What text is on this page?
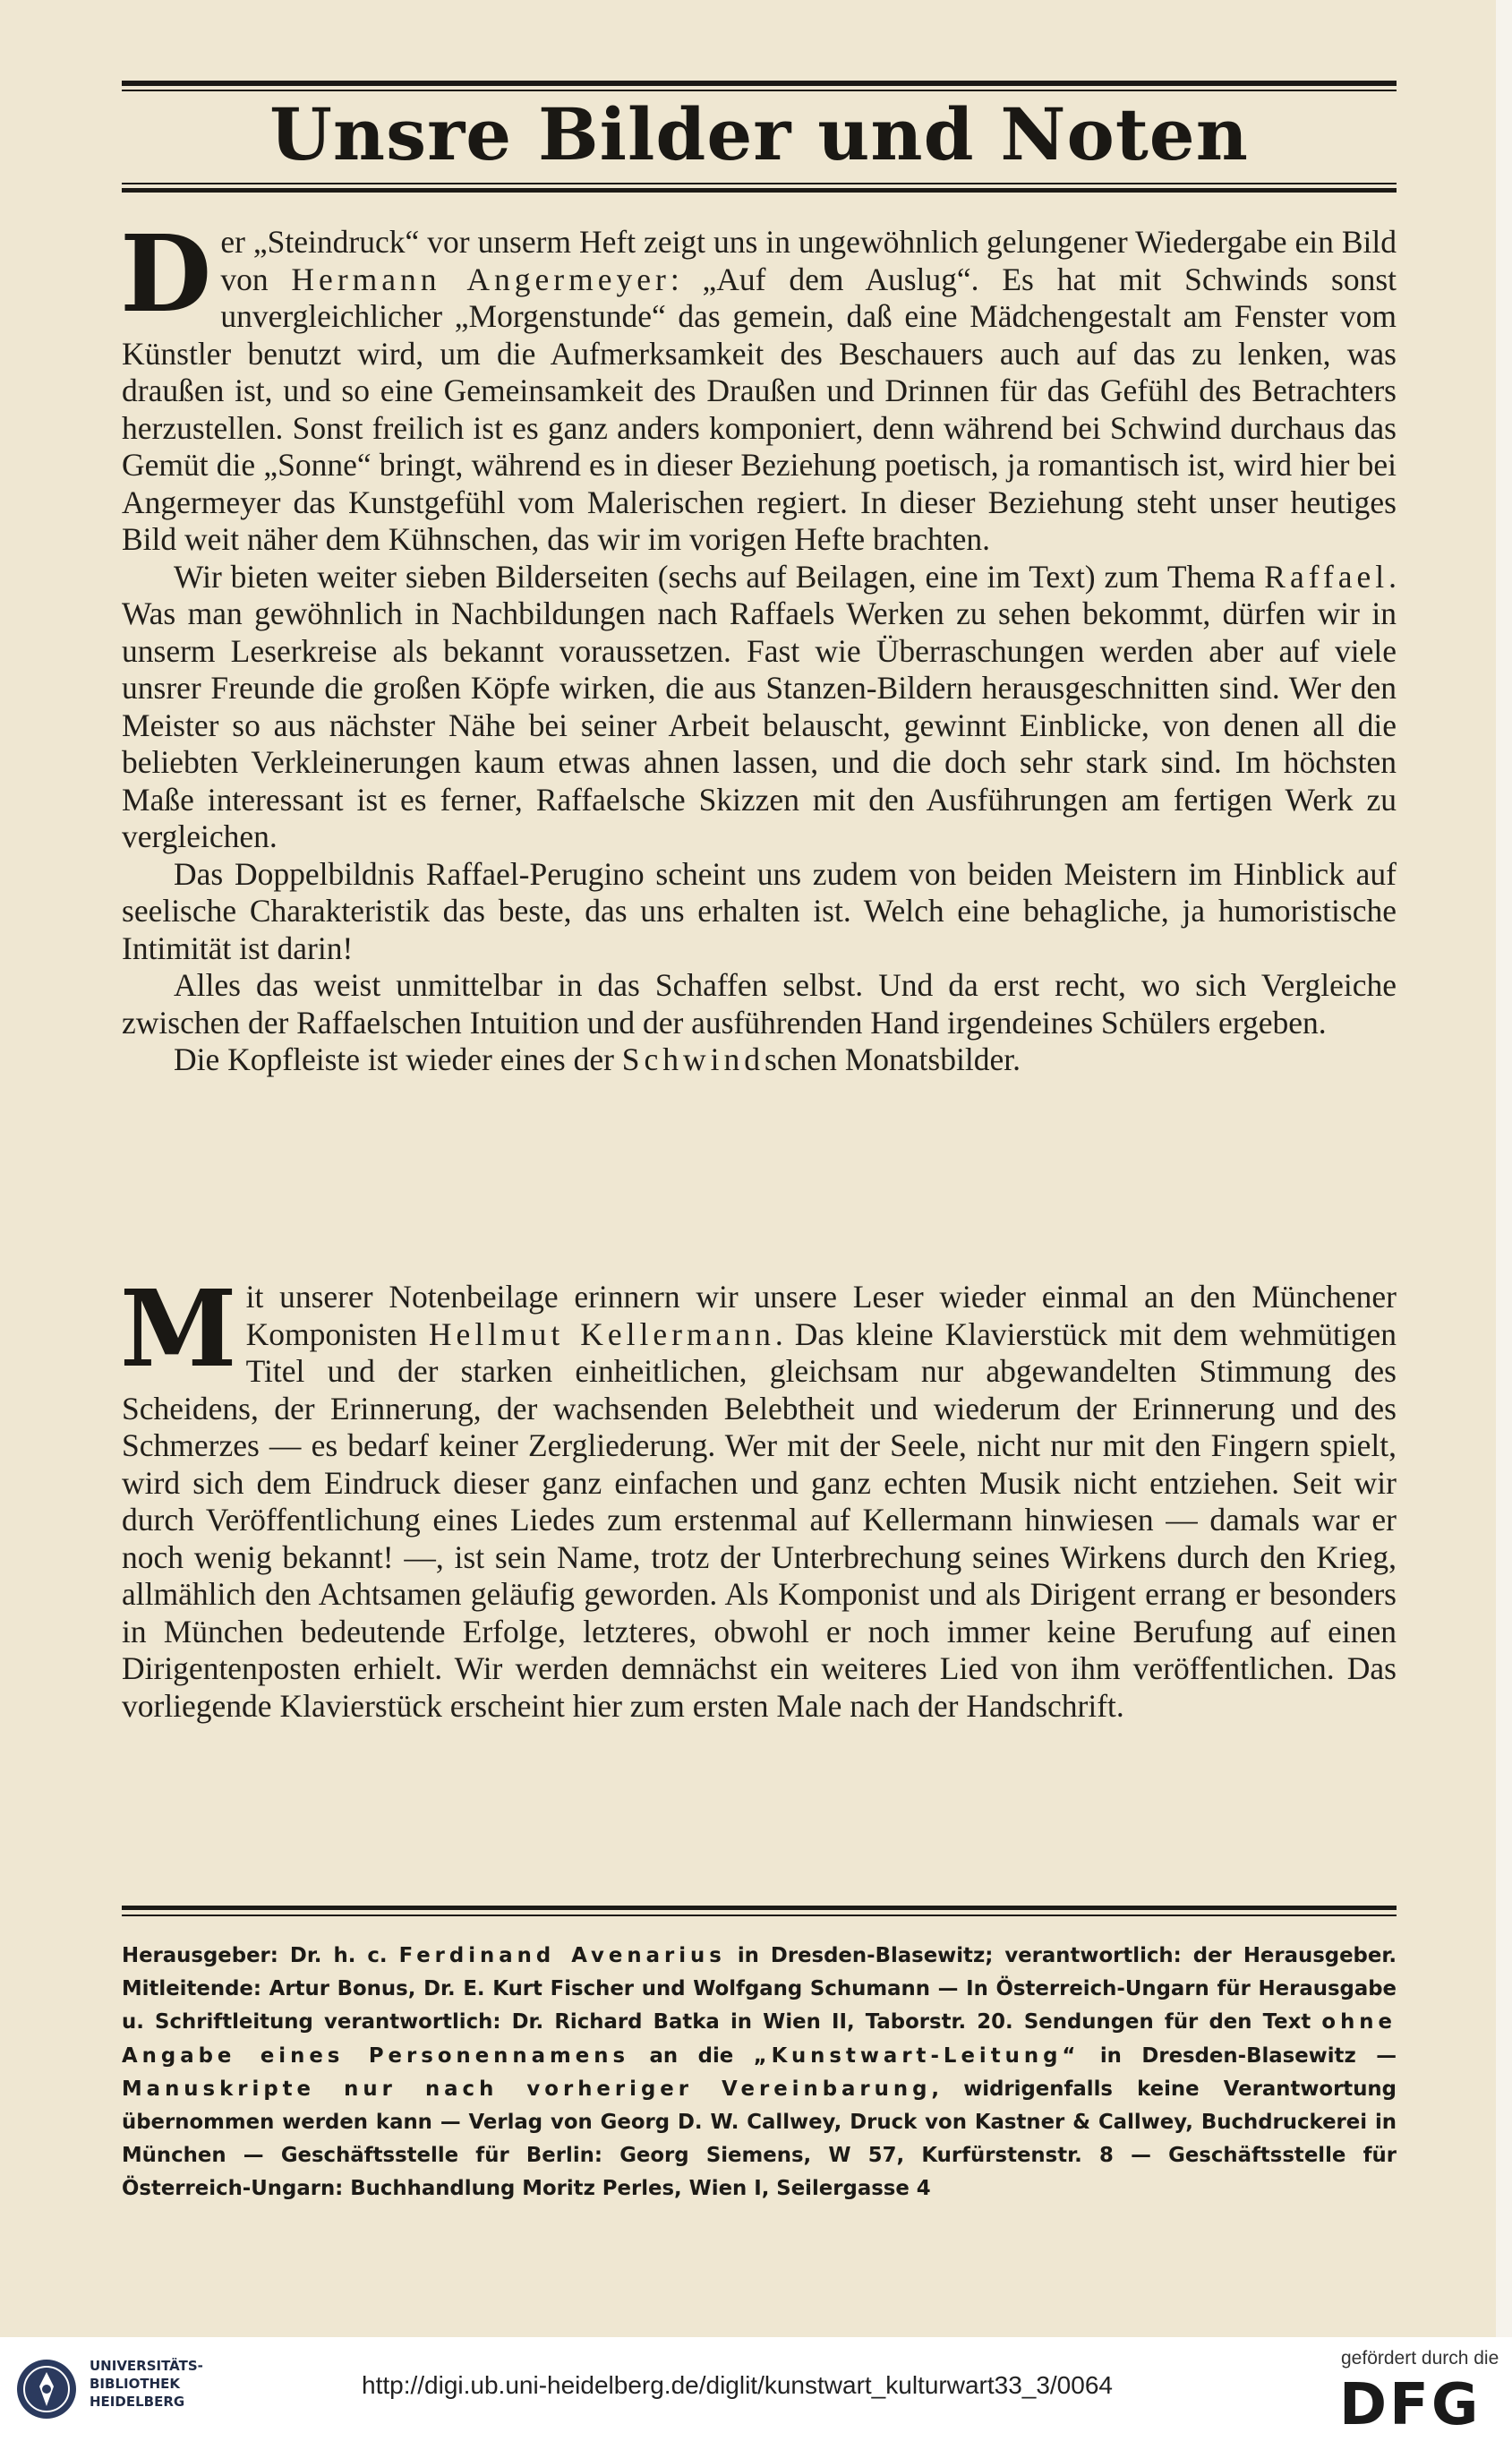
Unsre Bilder und Noten

Der „Steindruck“ vor unserm Heft zeigt uns in ungewöhnlich gelungener Wiedergabe ein Bild von Hermann Angermeyer: „Auf dem Auslug“. Es hat mit Schwinds sonst unvergleichlicher „Morgenstunde“ das gemein, daß eine Mädchengestalt am Fenster vom Künstler benutzt wird, um die Aufmerksamkeit des Beschauers auch auf das zu lenken, was draußen ist, und so eine Gemeinsamkeit des Draußen und Drinnen für das Gefühl des Betrachters herzustellen. Sonst freilich ist es ganz anders komponiert, denn während bei Schwind durchaus das Gemüt die „Sonne“ bringt, während es in dieser Beziehung poetisch, ja romantisch ist, wird hier bei Angermeyer das Kunstgefühl vom Malerischen regiert. In dieser Beziehung steht unser heutiges Bild weit näher dem Kühnschen, das wir im vorigen Hefte brachten.

Wir bieten weiter sieben Bilderseiten (sechs auf Beilagen, eine im Text) zum Thema Raffael. Was man gewöhnlich in Nachbildungen nach Raffaels Werken zu sehen bekommt, dürfen wir in unserm Leserkreise als bekannt voraussetzen. Fast wie Überraschungen werden aber auf viele unsrer Freunde die großen Köpfe wirken, die aus Stanzen-Bildern herausgeschnitten sind. Wer den Meister so aus nächster Nähe bei seiner Arbeit belauscht, gewinnt Einblicke, von denen all die beliebten Verkleinerungen kaum etwas ahnen lassen, und die doch sehr stark sind. Im höchsten Maße interessant ist es ferner, Raffaelsche Skizzen mit den Ausführungen am fertigen Werk zu vergleichen.

Das Doppelbildnis Raffael-Perugino scheint uns zudem von beiden Meistern im Hinblick auf seelische Charakteristik das beste, das uns erhalten ist. Welch eine behagliche, ja humoristische Intimität ist darin!

Alles das weist unmittelbar in das Schaffen selbst. Und da erst recht, wo sich Vergleiche zwischen der Raffaelschen Intuition und der ausführenden Hand irgendeines Schülers ergeben.

Die Kopfleiste ist wieder eines der Schwindschen Monatsbilder.

Mit unserer Notenbeilage erinnern wir unsere Leser wieder einmal an den Münchener Komponisten Hellmut Kellermann. Das kleine Klavierstück mit dem wehmütigen Titel und der starken einheitlichen, gleichsam nur abgewandelten Stimmung des Scheidens, der Erinnerung, der wachsenden Belebtheit und wiederum der Erinnerung und des Schmerzes — es bedarf keiner Zergliederung. Wer mit der Seele, nicht nur mit den Fingern spielt, wird sich dem Eindruck dieser ganz einfachen und ganz echten Musik nicht entziehen. Seit wir durch Veröffentlichung eines Liedes zum erstenmal auf Kellermann hinwiesen — damals war er noch wenig bekannt! —, ist sein Name, trotz der Unterbrechung seines Wirkens durch den Krieg, allmählich den Achtsamen geläufig geworden. Als Komponist und als Dirigent errang er besonders in München bedeutende Erfolge, letzteres, obwohl er noch immer keine Berufung auf einen Dirigentenposten erhielt. Wir werden demnächst ein weiteres Lied von ihm veröffentlichen. Das vorliegende Klavierstück erscheint hier zum ersten Male nach der Handschrift.

Herausgeber: Dr. h. c. Ferdinand Avenarius in Dresden-Blasewitz; verantwortlich: der Herausgeber. Mitleitende: Artur Bonus, Dr. E. Kurt Fischer und Wolfgang Schumann — In Österreich-Ungarn für Herausgabe u. Schriftleitung verantwortlich: Dr. Richard Batka in Wien II, Taborstr. 20. Sendungen für den Text ohne Angabe eines Personennamens an die „Kunstwart-Leitung“ in Dresden-Blasewitz — Manuskripte nur nach vorheriger Vereinbarung, widrigenfalls keine Verantwortung übernommen werden kann — Verlag von Georg D. W. Callwey, Druck von Kastner & Callwey, Buchdruckerei in München — Geschäftsstelle für Berlin: Georg Siemens, W 57, Kurfürstenstr. 8 — Geschäftsstelle für Österreich-Ungarn: Buchhandlung Moritz Perles, Wien I, Seilergasse 4
UNIVERSITÄTS-
BIBLIOTHEK
HEIDELBERG
http://digi.ub.uni-heidelberg.de/diglit/kunstwart_kulturwart33_3/0064
gefördert durch die
DFG
